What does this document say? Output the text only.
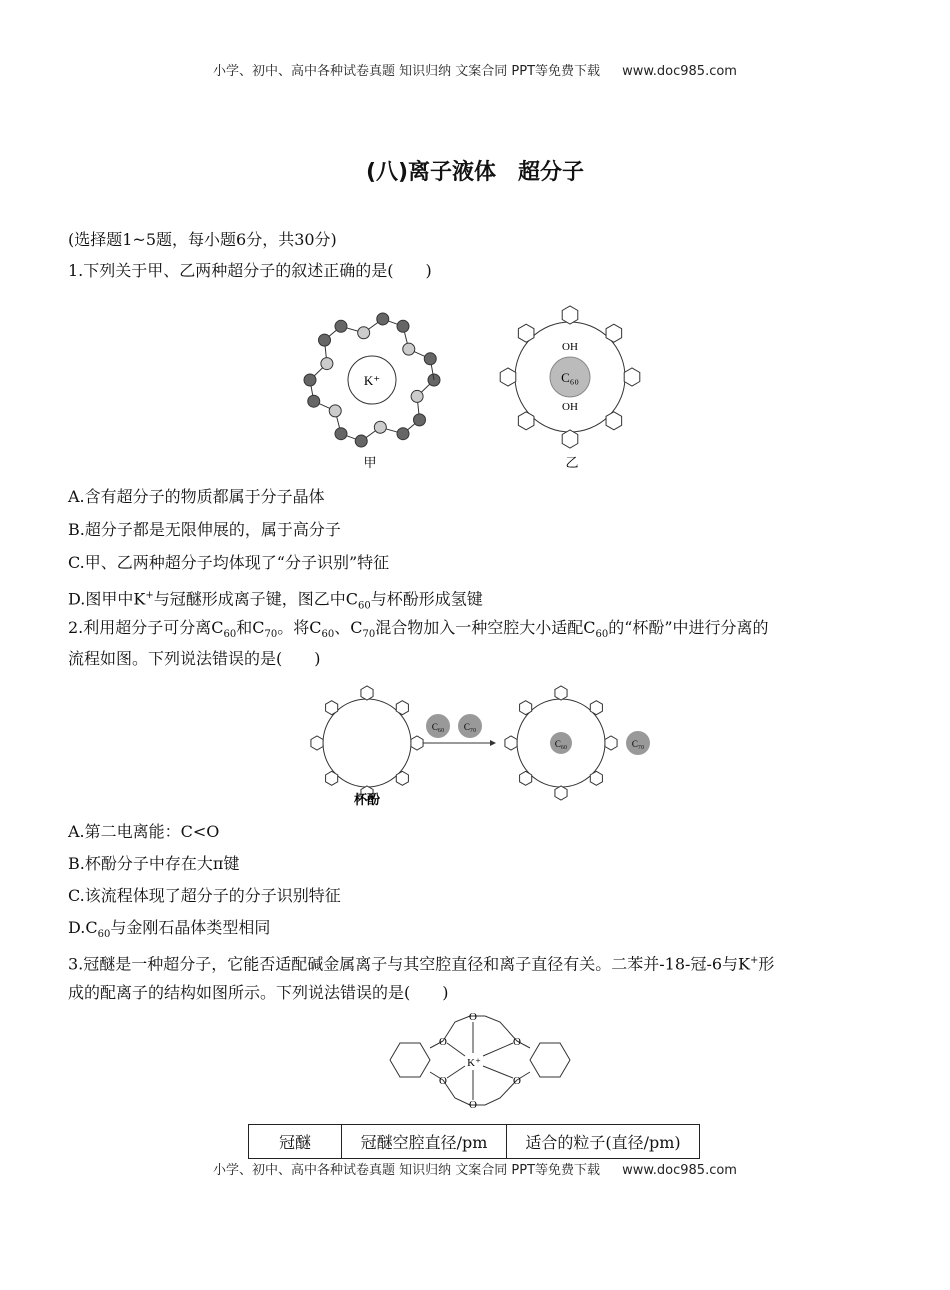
小学、初中、高中各种试卷真题 知识归纳 文案合同 PPT等免费下载 www.doc985.com
(八)离子液体　超分子
(选择题1~5题，每小题6分，共30分)
1.下列关于甲、乙两种超分子的叙述正确的是(　　)
A.含有超分子的物质都属于分子晶体
B.超分子都是无限伸展的，属于高分子
C.甲、乙两种超分子均体现了“分子识别”特征
D.图甲中K+与冠醚形成离子键，图乙中$C_{60}$与杯酚形成氢键
2.利用超分子可分离$C_{60}$和$C_{70}$。将$C_{60}$、$C_{70}$混合物加入一种空腔大小适配$C_{60}$的“杯酚”中进行分离的
流程如图。下列说法错误的是(　　)
A.第二电离能：C<O
B.杯酚分子中存在大π键
C.该流程体现了超分子的分子识别特征
$D.C_{60}$与金刚石晶体类型相同
3.冠醚是一种超分子，它能否适配碱金属离子与其空腔直径和离子直径有关。二苯并-18-冠-6与K+形
成的配离子的结构如图所示。下列说法错误的是(　　)
K⁺
甲
OH
OH
C₆₀
乙
杯酚
C₆₀ C₇₀
C₆₀	C₇₀
O
O
O
O
O
O
K⁺
冠醚	冠醚空腔直径/pm	适合的粒子(直径/pm)
小学、初中、高中各种试卷真题 知识归纳 文案合同 PPT等免费下载 www.doc985.com
